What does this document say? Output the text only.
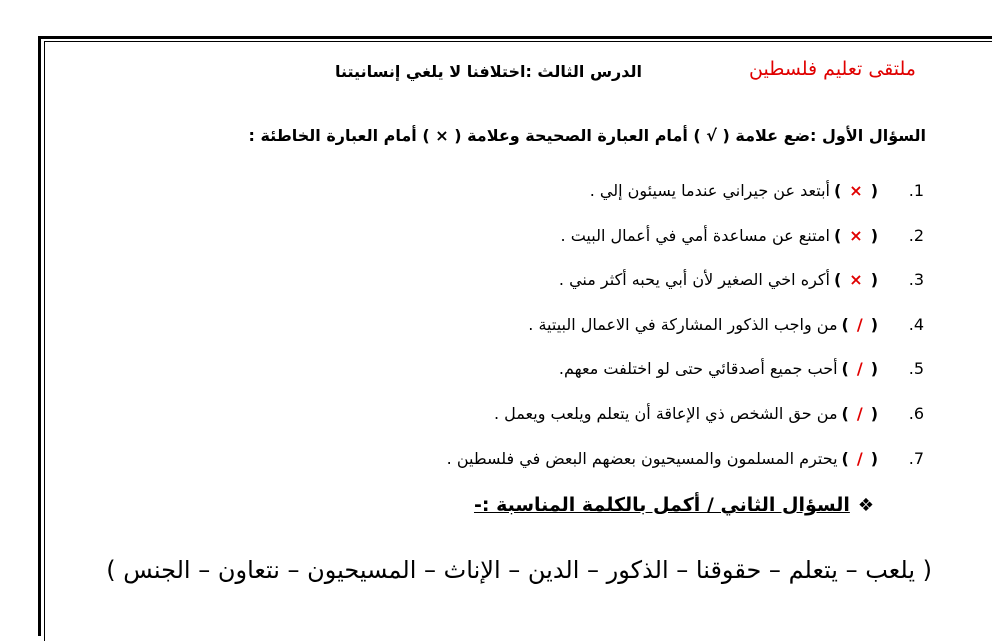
ملتقى تعليم فلسطين
الدرس الثالث :اختلافنا لا يلغي إنسانيتنا
السؤال الأول :ضع علامة ( √ ) أمام العبارة الصحيحة وعلامة ( × ) أمام العبارة الخاطئة :
1.
(×)
أبتعد عن جيراني عندما يسيئون إلي .
2.
(×)
امتنع عن مساعدة أمي في أعمال البيت .
3.
(×)
أكره اخي الصغير لأن أبي يحبه أكثر مني .
4.
(/)
من واجب الذكور المشاركة في الاعمال البيتية .
5.
(/)
أحب جميع أصدقائي حتى لو اختلفت معهم.
6.
(/)
من حق الشخص ذي الإعاقة أن يتعلم ويلعب ويعمل .
7.
(/)
يحترم المسلمون والمسيحيون بعضهم البعض في فلسطين .
❖السؤال الثاني / أكمل بالكلمة المناسبة :-
( يلعب – يتعلم – حقوقنا – الذكور – الدين – الإناث – المسيحيون – نتعاون – الجنس )
